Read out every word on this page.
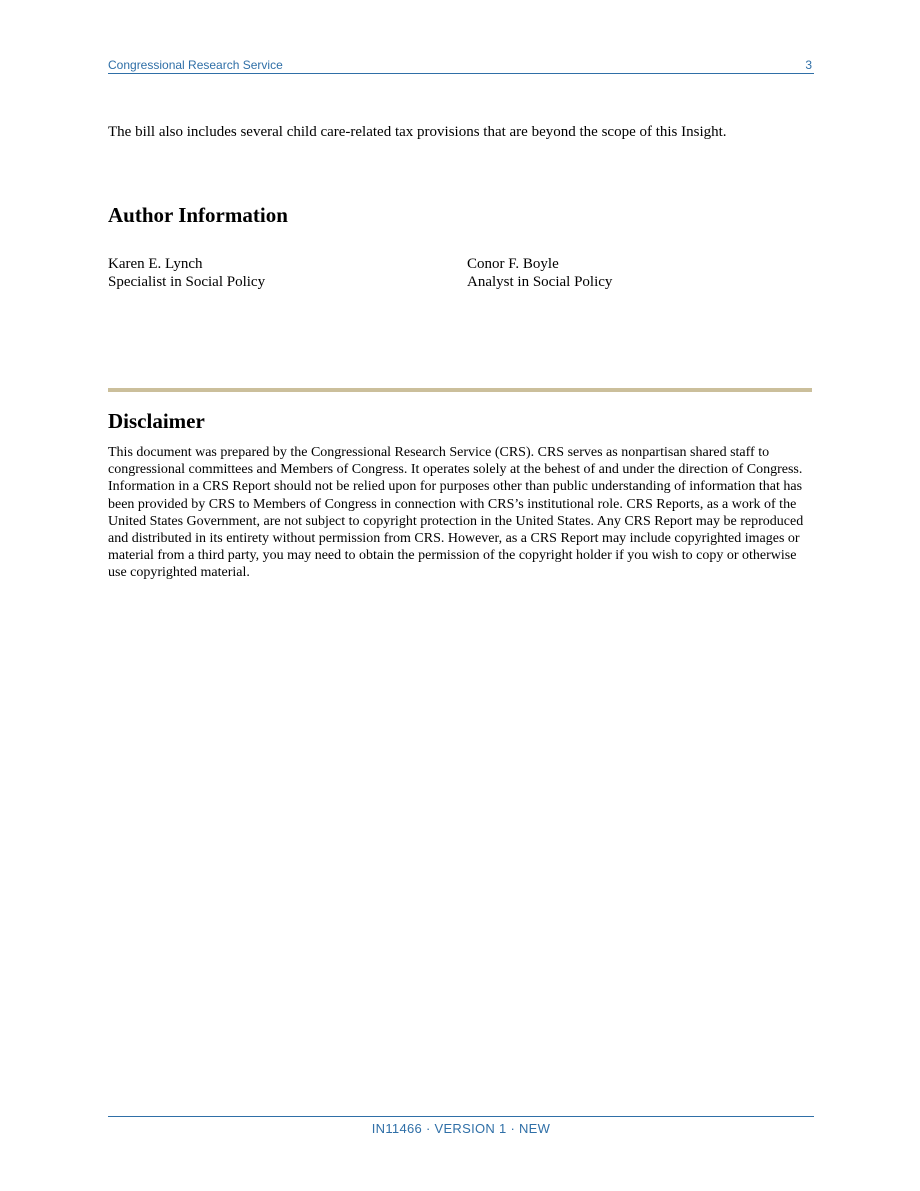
Congressional Research Service	3

The bill also includes several child care-related tax provisions that are beyond the scope of this Insight.

Author Information
Karen E. Lynch
Specialist in Social Policy
Conor F. Boyle
Analyst in Social Policy
Disclaimer

This document was prepared by the Congressional Research Service (CRS). CRS serves as nonpartisan shared staff to congressional committees and Members of Congress. It operates solely at the behest of and under the direction of Congress. Information in a CRS Report should not be relied upon for purposes other than public understanding of information that has been provided by CRS to Members of Congress in connection with CRS’s institutional role. CRS Reports, as a work of the United States Government, are not subject to copyright protection in the United States. Any CRS Report may be reproduced and distributed in its entirety without permission from CRS. However, as a CRS Report may include copyrighted images or material from a third party, you may need to obtain the permission of the copyright holder if you wish to copy or otherwise use copyrighted material.

IN11466 · VERSION 1 · NEW
